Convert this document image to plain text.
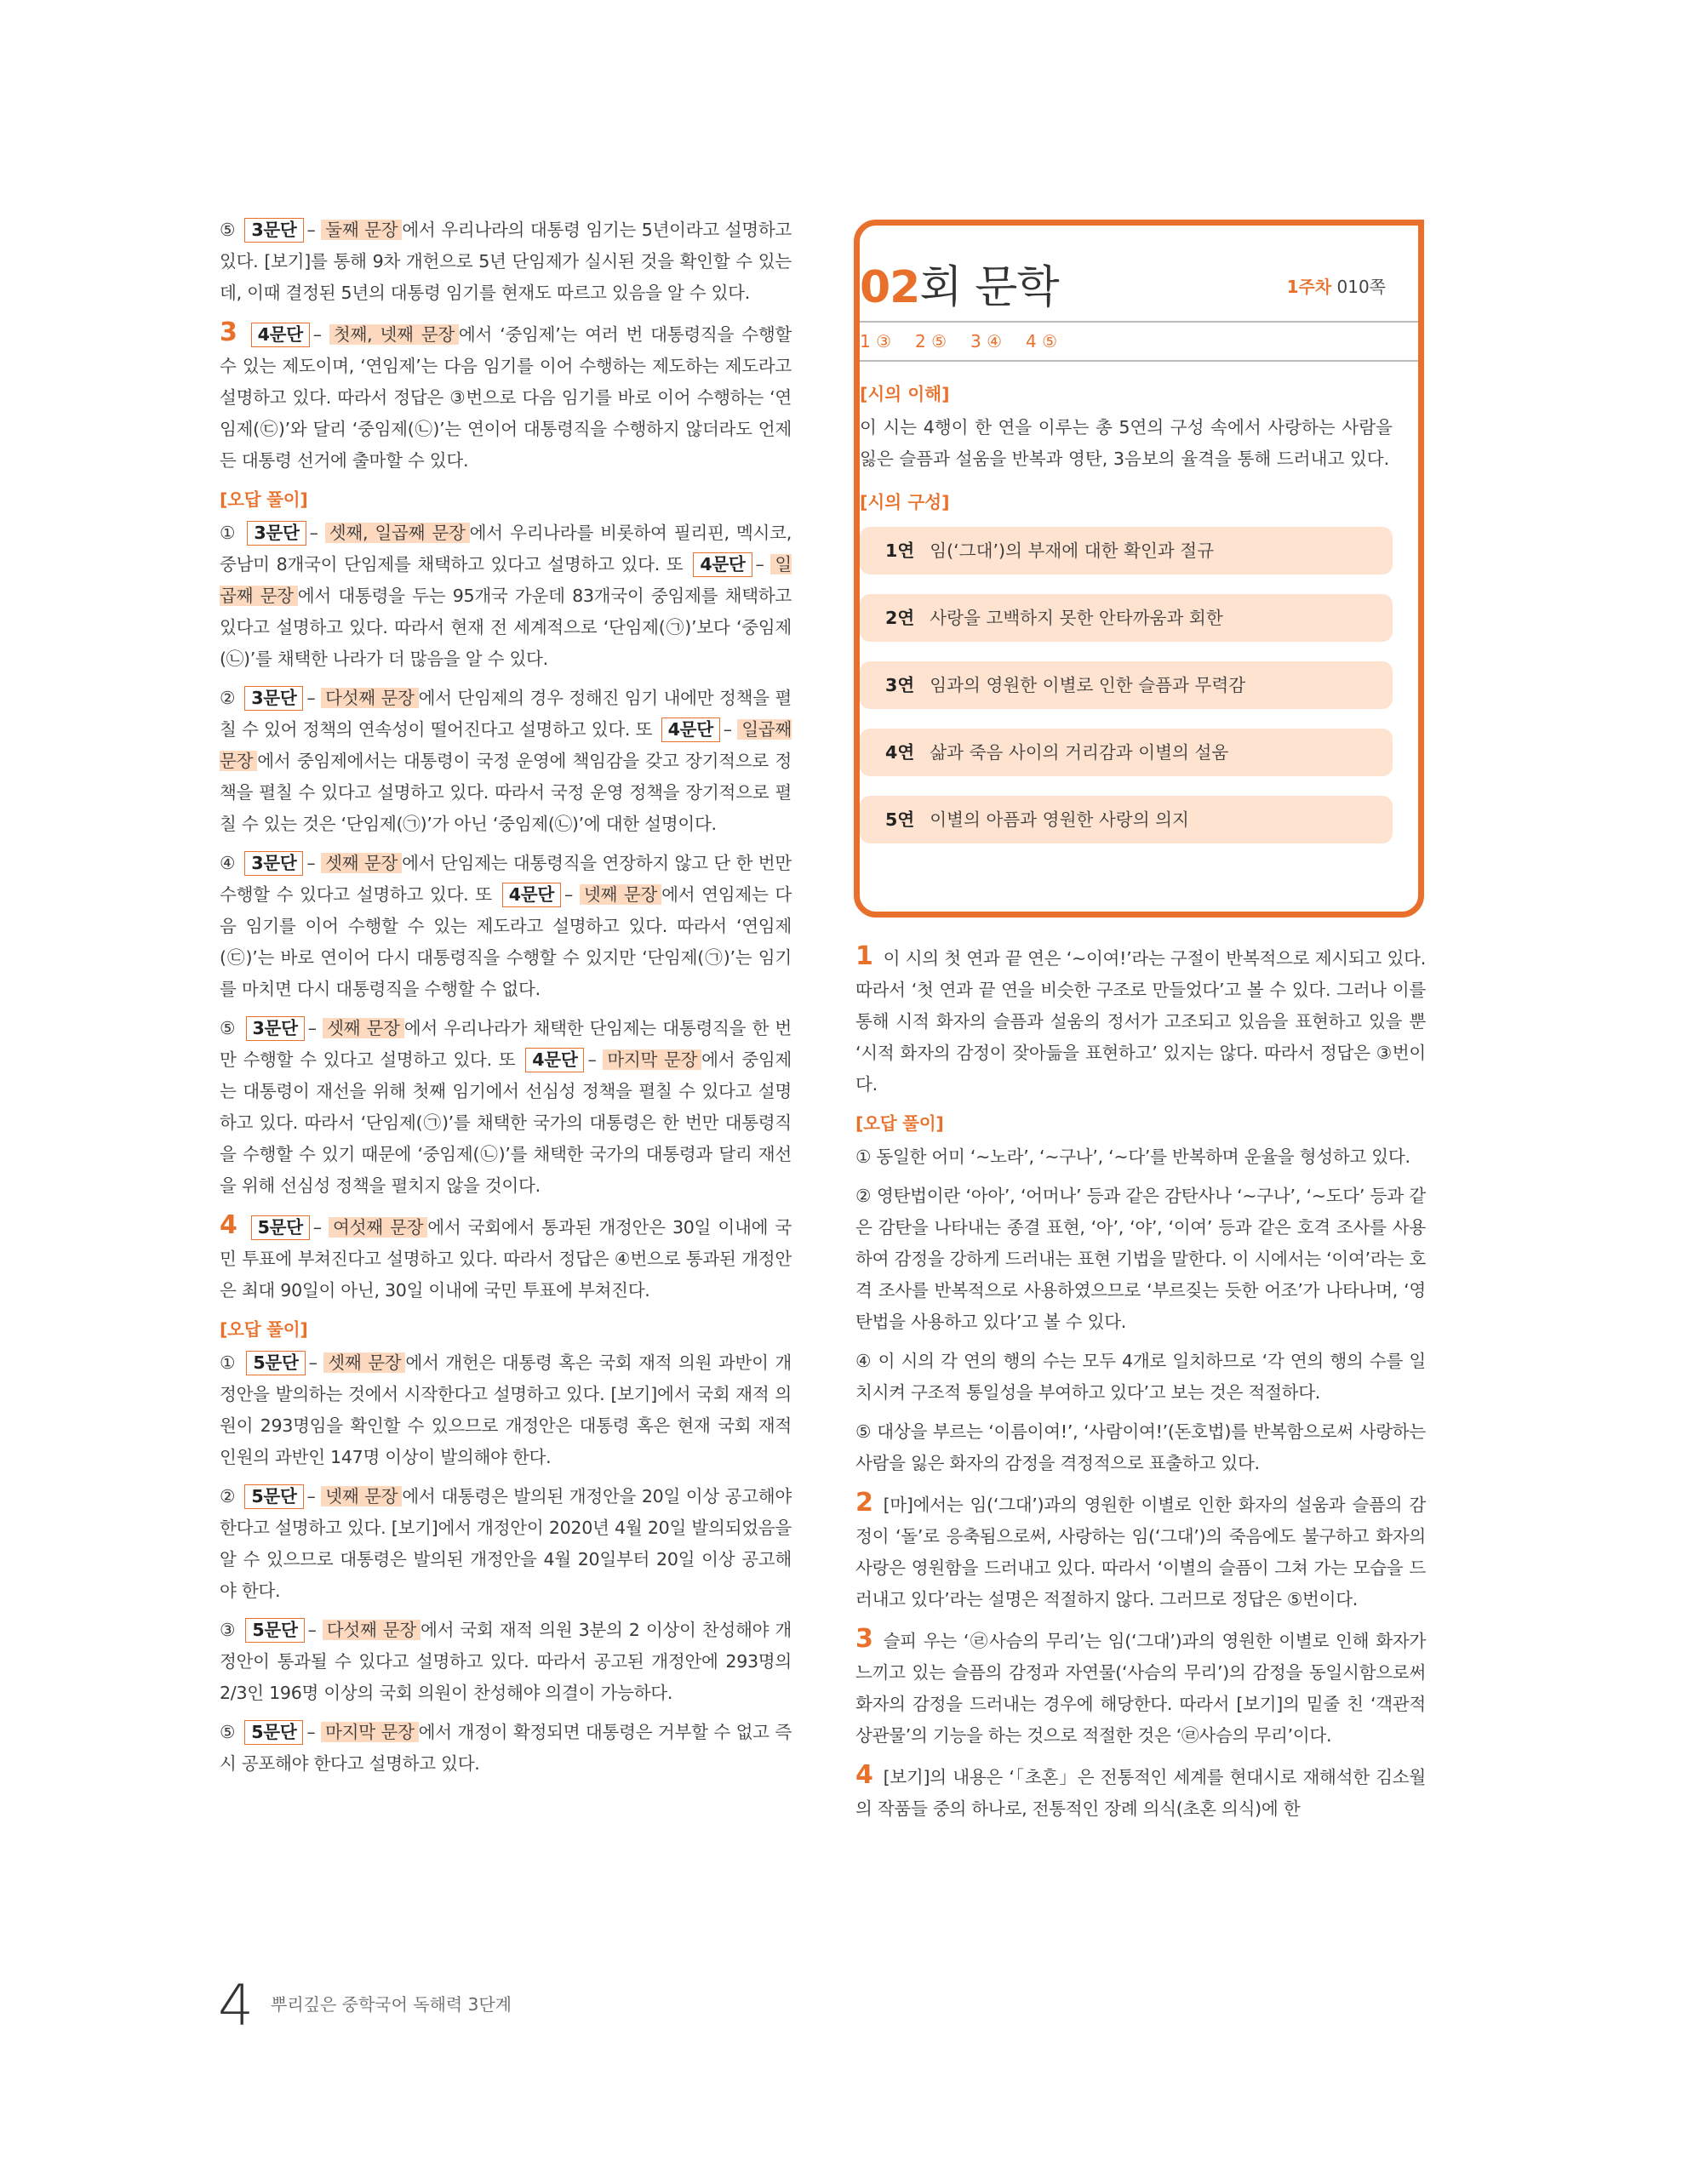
⑤ 3문단 – 둘째 문장 에서 우리나라의 대통령 임기는 5년이라고 설명하고 있다. [보기]를 통해 9차 개헌으로 5년 단임제가 실시된 것을 확인할 수 있는데, 이때 결정된 5년의 대통령 임기를 현재도 따르고 있음을 알 수 있다.
3 4문단 – 첫째, 넷째 문장 에서 ‘중임제’는 여러 번 대통령직을 수행할 수 있는 제도이며, ‘연임제’는 다음 임기를 이어 수행하는 제도하는 제도라고 설명하고 있다. 따라서 정답은 ③번으로 다음 임기를 바로 이어 수행하는 ‘연임제(㉢)’와 달리 ‘중임제(㉡)’는 연이어 대통령직을 수행하지 않더라도 언제든 대통령 선거에 출마할 수 있다.
[오답 풀이]
① 3문단 – 셋째, 일곱째 문장 에서 우리나라를 비롯하여 필리핀, 멕시코, 중남미 8개국이 단임제를 채택하고 있다고 설명하고 있다. 또 4문단 – 일곱째 문장 에서 대통령을 두는 95개국 가운데 83개국이 중임제를 채택하고 있다고 설명하고 있다. 따라서 현재 전 세계적으로 ‘단임제(㉠)’보다 ‘중임제(㉡)’를 채택한 나라가 더 많음을 알 수 있다.
② 3문단 – 다섯째 문장 에서 단임제의 경우 정해진 임기 내에만 정책을 펼칠 수 있어 정책의 연속성이 떨어진다고 설명하고 있다. 또 4문단 – 일곱째 문장 에서 중임제에서는 대통령이 국정 운영에 책임감을 갖고 장기적으로 정책을 펼칠 수 있다고 설명하고 있다. 따라서 국정 운영 정책을 장기적으로 펼칠 수 있는 것은 ‘단임제(㉠)’가 아닌 ‘중임제(㉡)’에 대한 설명이다.
④ 3문단 – 셋째 문장 에서 단임제는 대통령직을 연장하지 않고 단 한 번만 수행할 수 있다고 설명하고 있다. 또 4문단 – 넷째 문장 에서 연임제는 다음 임기를 이어 수행할 수 있는 제도라고 설명하고 있다. 따라서 ‘연임제(㉢)’는 바로 연이어 다시 대통령직을 수행할 수 있지만 ‘단임제(㉠)’는 임기를 마치면 다시 대통령직을 수행할 수 없다.
⑤ 3문단 – 셋째 문장 에서 우리나라가 채택한 단임제는 대통령직을 한 번만 수행할 수 있다고 설명하고 있다. 또 4문단 – 마지막 문장 에서 중임제는 대통령이 재선을 위해 첫째 임기에서 선심성 정책을 펼칠 수 있다고 설명하고 있다. 따라서 ‘단임제(㉠)’를 채택한 국가의 대통령은 한 번만 대통령직을 수행할 수 있기 때문에 ‘중임제(㉡)’를 채택한 국가의 대통령과 달리 재선을 위해 선심성 정책을 펼치지 않을 것이다.
4 5문단 – 여섯째 문장 에서 국회에서 통과된 개정안은 30일 이내에 국민 투표에 부쳐진다고 설명하고 있다. 따라서 정답은 ④번으로 통과된 개정안은 최대 90일이 아닌, 30일 이내에 국민 투표에 부쳐진다.
[오답 풀이]
① 5문단 – 셋째 문장 에서 개헌은 대통령 혹은 국회 재적 의원 과반이 개정안을 발의하는 것에서 시작한다고 설명하고 있다. [보기]에서 국회 재적 의원이 293명임을 확인할 수 있으므로 개정안은 대통령 혹은 현재 국회 재적 인원의 과반인 147명 이상이 발의해야 한다.
② 5문단 – 넷째 문장 에서 대통령은 발의된 개정안을 20일 이상 공고해야 한다고 설명하고 있다. [보기]에서 개정안이 2020년 4월 20일 발의되었음을 알 수 있으므로 대통령은 발의된 개정안을 4월 20일부터 20일 이상 공고해야 한다.
③ 5문단 – 다섯째 문장 에서 국회 재적 의원 3분의 2 이상이 찬성해야 개정안이 통과될 수 있다고 설명하고 있다. 따라서 공고된 개정안에 293명의 2/3인 196명 이상의 국회 의원이 찬성해야 의결이 가능하다.
⑤ 5문단 – 마지막 문장 에서 개정이 확정되면 대통령은 거부할 수 없고 즉시 공포해야 한다고 설명하고 있다.
02회 문학	1주차 010쪽
1 ③ 2 ⑤ 3 ④ 4 ⑤
[시의 이해]
이 시는 4행이 한 연을 이루는 총 5연의 구성 속에서 사랑하는 사람을 잃은 슬픔과 설움을 반복과 영탄, 3음보의 율격을 통해 드러내고 있다.
[시의 구성]
1연 임(‘그대’)의 부재에 대한 확인과 절규
2연 사랑을 고백하지 못한 안타까움과 회한
3연 임과의 영원한 이별로 인한 슬픔과 무력감
4연 삶과 죽음 사이의 거리감과 이별의 설움
5연 이별의 아픔과 영원한 사랑의 의지
1 이 시의 첫 연과 끝 연은 ‘~이여!’라는 구절이 반복적으로 제시되고 있다. 따라서 ‘첫 연과 끝 연을 비슷한 구조로 만들었다’고 볼 수 있다. 그러나 이를 통해 시적 화자의 슬픔과 설움의 정서가 고조되고 있음을 표현하고 있을 뿐 ‘시적 화자의 감정이 잦아듦을 표현하고’ 있지는 않다. 따라서 정답은 ③번이다.
[오답 풀이]
① 동일한 어미 ‘~노라’, ‘~구나’, ‘~다’를 반복하며 운율을 형성하고 있다.
② 영탄법이란 ‘아아’, ‘어머나’ 등과 같은 감탄사나 ‘~구나’, ‘~도다’ 등과 같은 감탄을 나타내는 종결 표현, ‘아’, ‘야’, ‘이여’ 등과 같은 호격 조사를 사용하여 감정을 강하게 드러내는 표현 기법을 말한다. 이 시에서는 ‘이여’라는 호격 조사를 반복적으로 사용하였으므로 ‘부르짖는 듯한 어조’가 나타나며, ‘영탄법을 사용하고 있다’고 볼 수 있다.
④ 이 시의 각 연의 행의 수는 모두 4개로 일치하므로 ‘각 연의 행의 수를 일치시켜 구조적 통일성을 부여하고 있다’고 보는 것은 적절하다.
⑤ 대상을 부르는 ‘이름이여!’, ‘사람이여!’(돈호법)를 반복함으로써 사랑하는 사람을 잃은 화자의 감정을 격정적으로 표출하고 있다.
2 [마]에서는 임(‘그대’)과의 영원한 이별로 인한 화자의 설움과 슬픔의 감정이 ‘돌’로 응축됨으로써, 사랑하는 임(‘그대’)의 죽음에도 불구하고 화자의 사랑은 영원함을 드러내고 있다. 따라서 ‘이별의 슬픔이 그쳐 가는 모습을 드러내고 있다’라는 설명은 적절하지 않다. 그러므로 정답은 ⑤번이다.
3 슬피 우는 ‘㉣사슴의 무리’는 임(‘그대’)과의 영원한 이별로 인해 화자가 느끼고 있는 슬픔의 감정과 자연물(‘사슴의 무리’)의 감정을 동일시함으로써 화자의 감정을 드러내는 경우에 해당한다. 따라서 [보기]의 밑줄 친 ‘객관적 상관물’의 기능을 하는 것으로 적절한 것은 ‘㉣사슴의 무리’이다.
4 [보기]의 내용은 ‘「초혼」은 전통적인 세계를 현대시로 재해석한 김소월의 작품들 중의 하나로, 전통적인 장례 의식(초혼 의식)에 한
4 뿌리깊은 중학국어 독해력 3단계
